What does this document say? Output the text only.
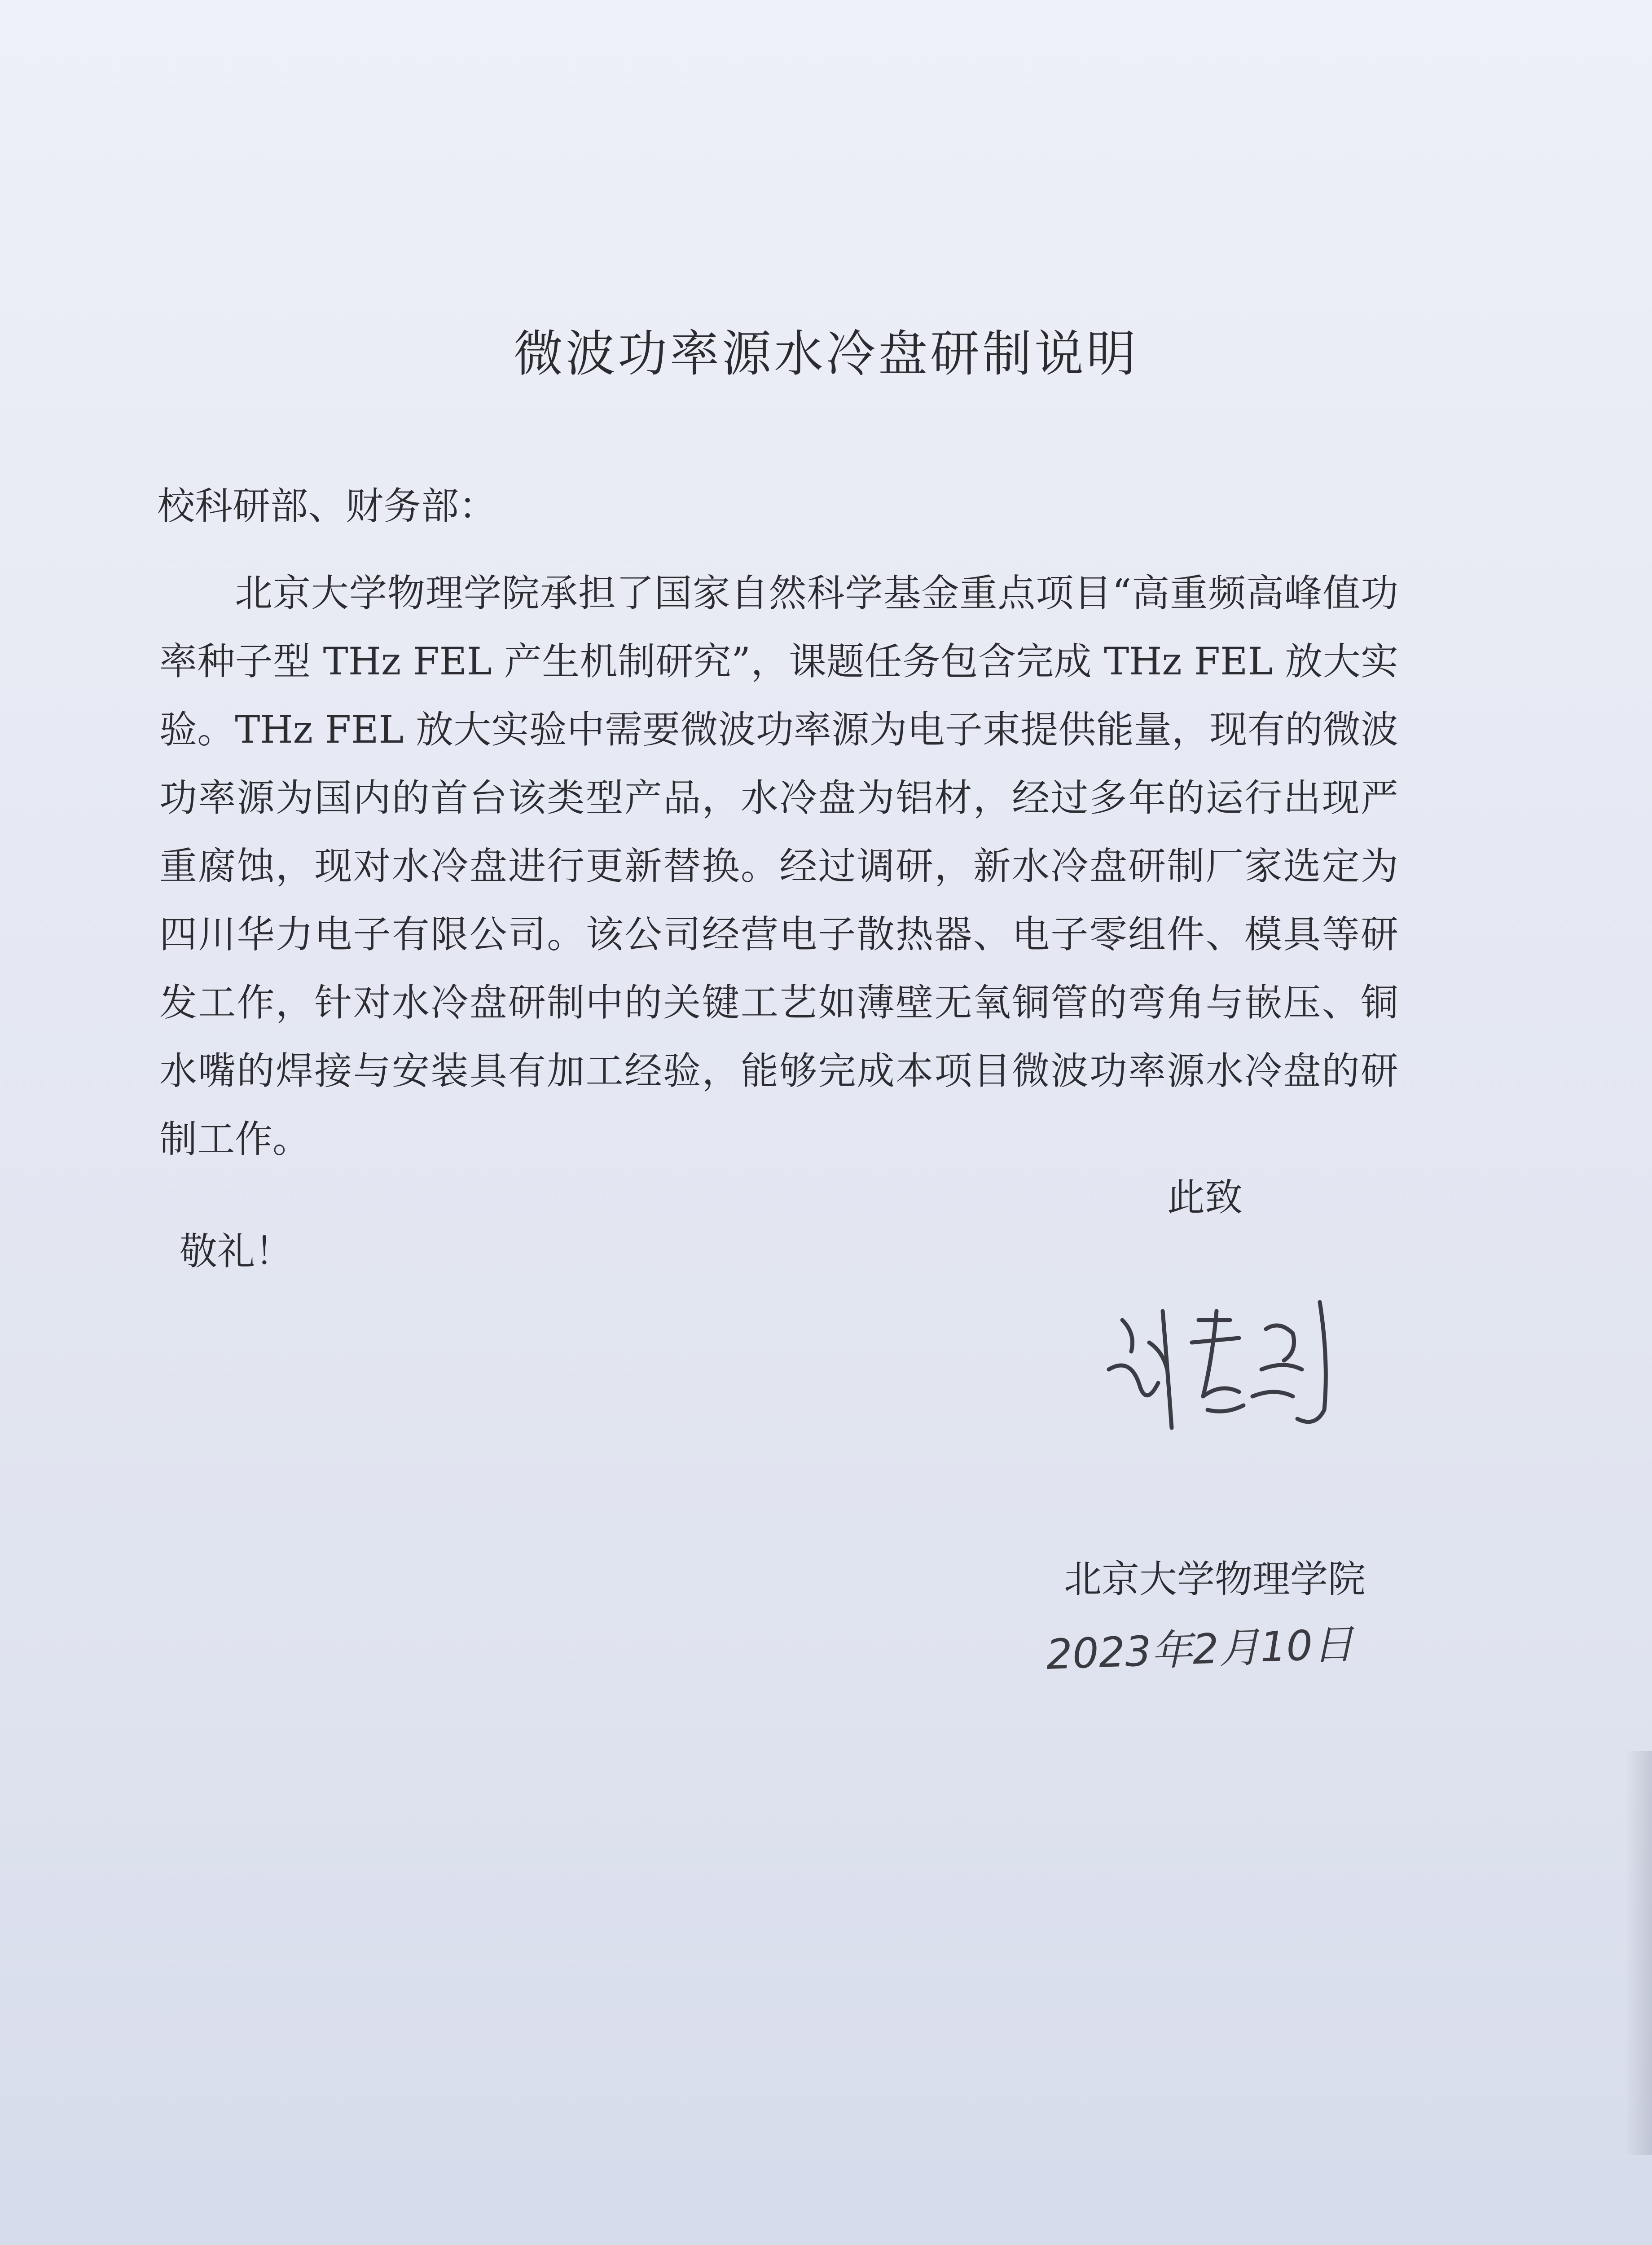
微波功率源水冷盘研制说明
校科研部、财务部：
北京大学物理学院承担了国家自然科学基金重点项目“高重频高峰值功率种子型 THz FEL 产生机制研究”，课题任务包含完成 THz FEL 放大实验。THz FEL 放大实验中需要微波功率源为电子束提供能量，现有的微波功率源为国内的首台该类型产品，水冷盘为铝材，经过多年的运行出现严重腐蚀，现对水冷盘进行更新替换。经过调研，新水冷盘研制厂家选定为四川华力电子有限公司。该公司经营电子散热器、电子零组件、模具等研发工作，针对水冷盘研制中的关键工艺如薄壁无氧铜管的弯角与嵌压、铜水嘴的焊接与安装具有加工经验，能够完成本项目微波功率源水冷盘的研制工作。
此致
敬礼！
北京大学物理学院
2023年2月10日
